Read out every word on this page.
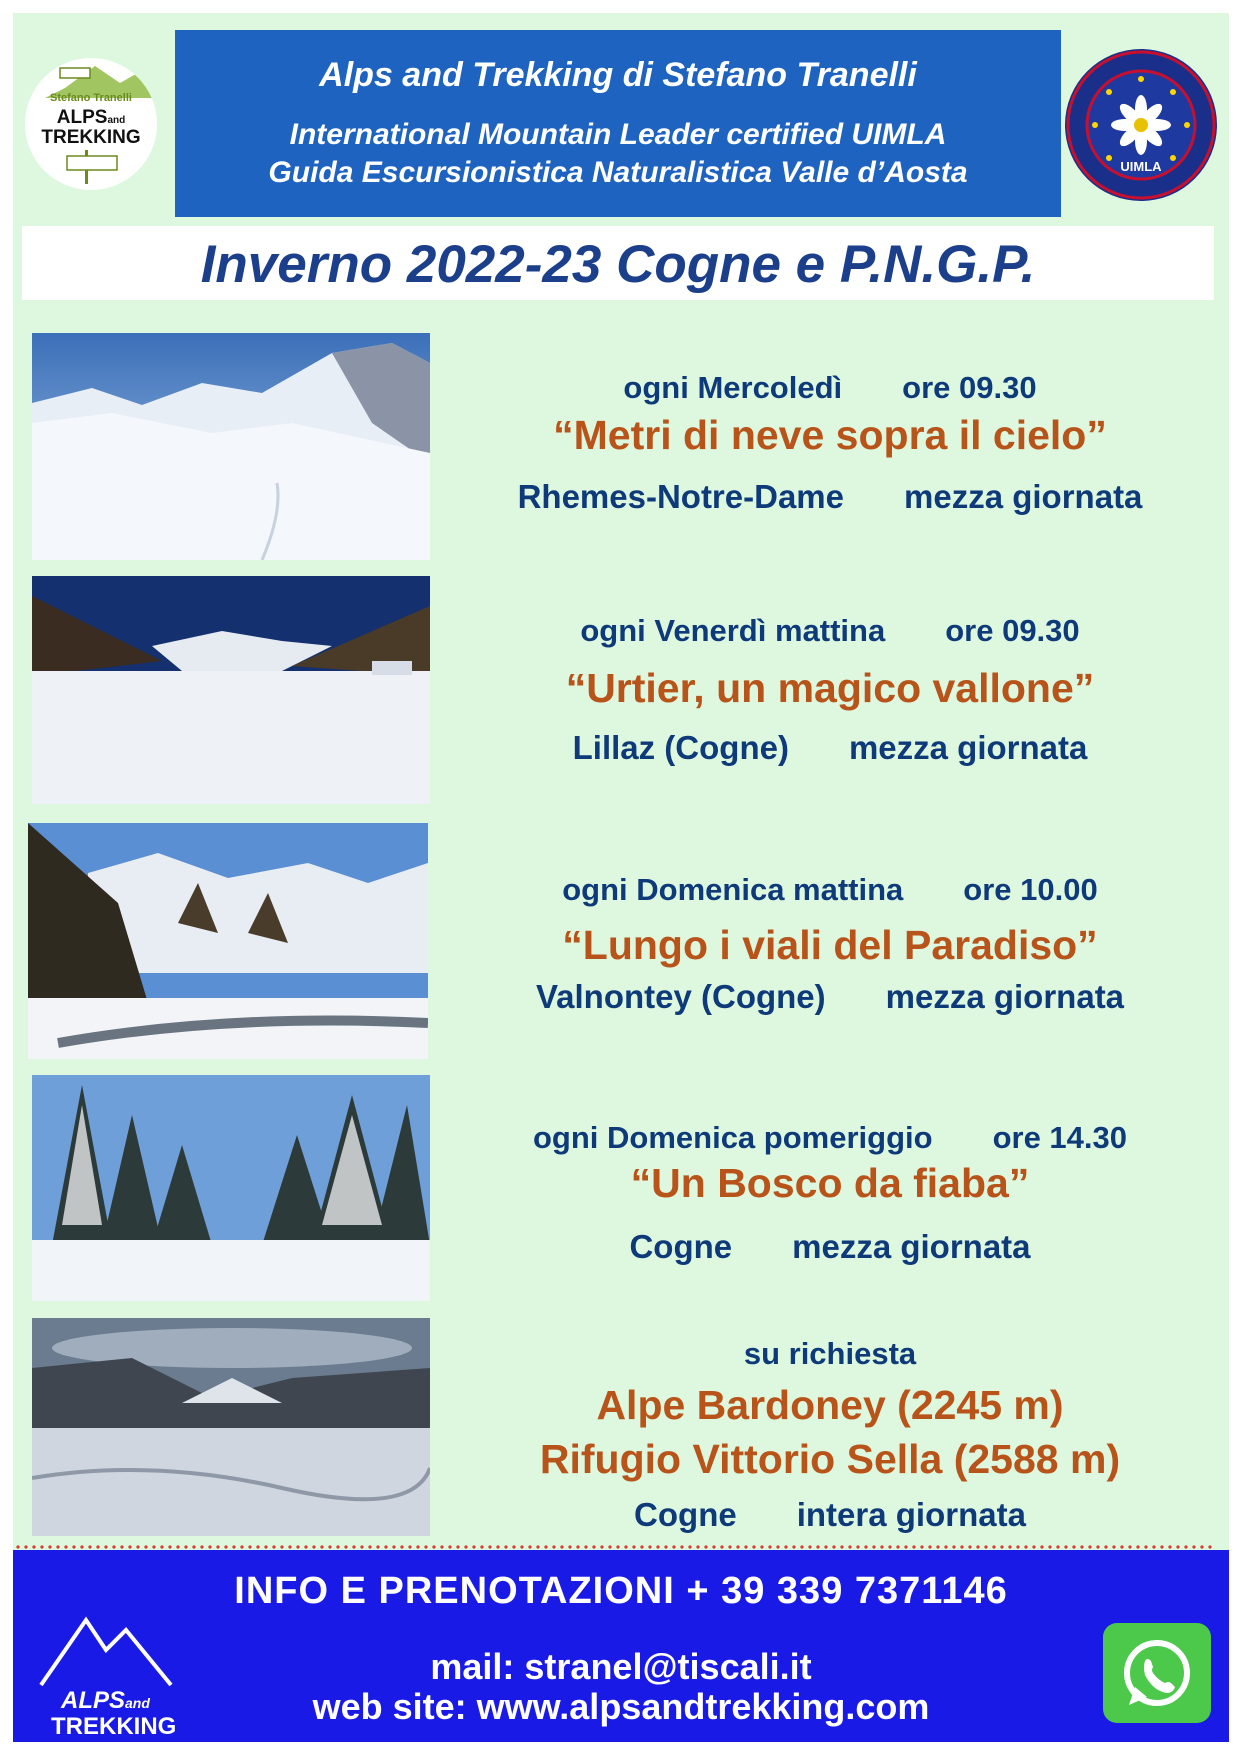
Stefano Tranelli
ALPSand
TREKKING
Alps and Trekking di Stefano Tranelli
International Mountain Leader certified UIMLA
Guida Escursionistica Naturalistica Valle d’Aosta	UIMLA
Inverno 2022-23 Cogne e P.N.G.P.
ogni Mercoledì ore 09.30
“Metri di neve sopra il cielo”
Rhemes-Notre-Dame mezza giornata
ogni Venerdì mattina ore 09.30
“Urtier, un magico vallone”
Lillaz (Cogne) mezza giornata
ogni Domenica mattina ore 10.00
“Lungo i viali del Paradiso”
Valnontey (Cogne) mezza giornata
ogni Domenica pomeriggio ore 14.30
“Un Bosco da fiaba”
Cogne mezza giornata
su richiesta
Alpe Bardoney (2245 m)
Rifugio Vittorio Sella (2588 m)
Cogne intera giornata
INFO E PRENOTAZIONI + 39 339 7371146
mail: stranel@tiscali.it
web site: www.alpsandtrekking.com
ALPSand
TREKKING
